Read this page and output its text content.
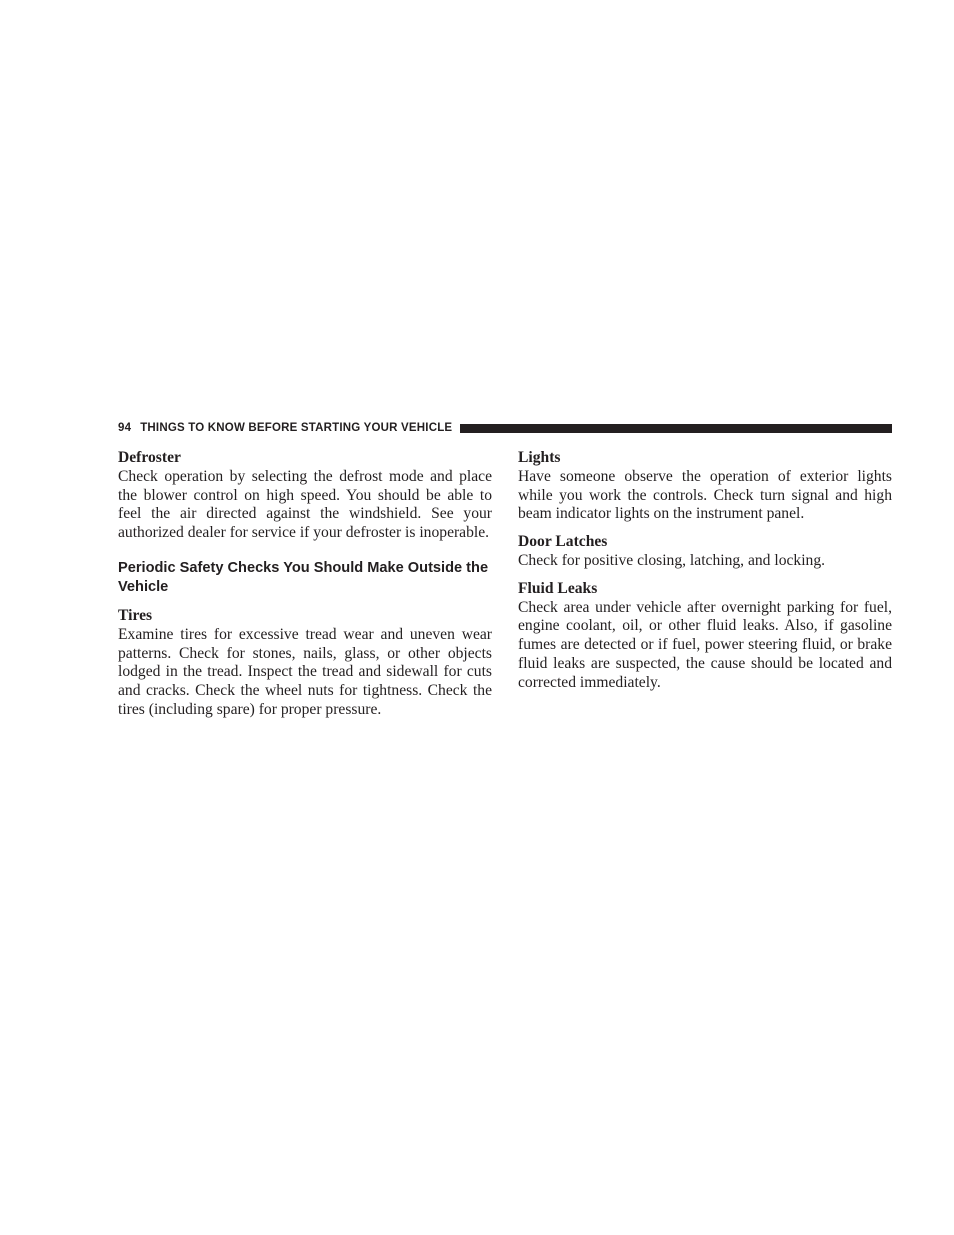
94 THINGS TO KNOW BEFORE STARTING YOUR VEHICLE

Defroster

Check operation by selecting the defrost mode and place the blower control on high speed. You should be able to feel the air directed against the windshield. See your authorized dealer for service if your defroster is inoperable.

Periodic Safety Checks You Should Make Outside the Vehicle

Tires

Examine tires for excessive tread wear and uneven wear patterns. Check for stones, nails, glass, or other objects lodged in the tread. Inspect the tread and sidewall for cuts and cracks. Check the wheel nuts for tightness. Check the tires (including spare) for proper pressure.

Lights

Have someone observe the operation of exterior lights while you work the controls. Check turn signal and high beam indicator lights on the instrument panel.

Door Latches

Check for positive closing, latching, and locking.

Fluid Leaks

Check area under vehicle after overnight parking for fuel, engine coolant, oil, or other fluid leaks. Also, if gasoline fumes are detected or if fuel, power steering fluid, or brake fluid leaks are suspected, the cause should be located and corrected immediately.
